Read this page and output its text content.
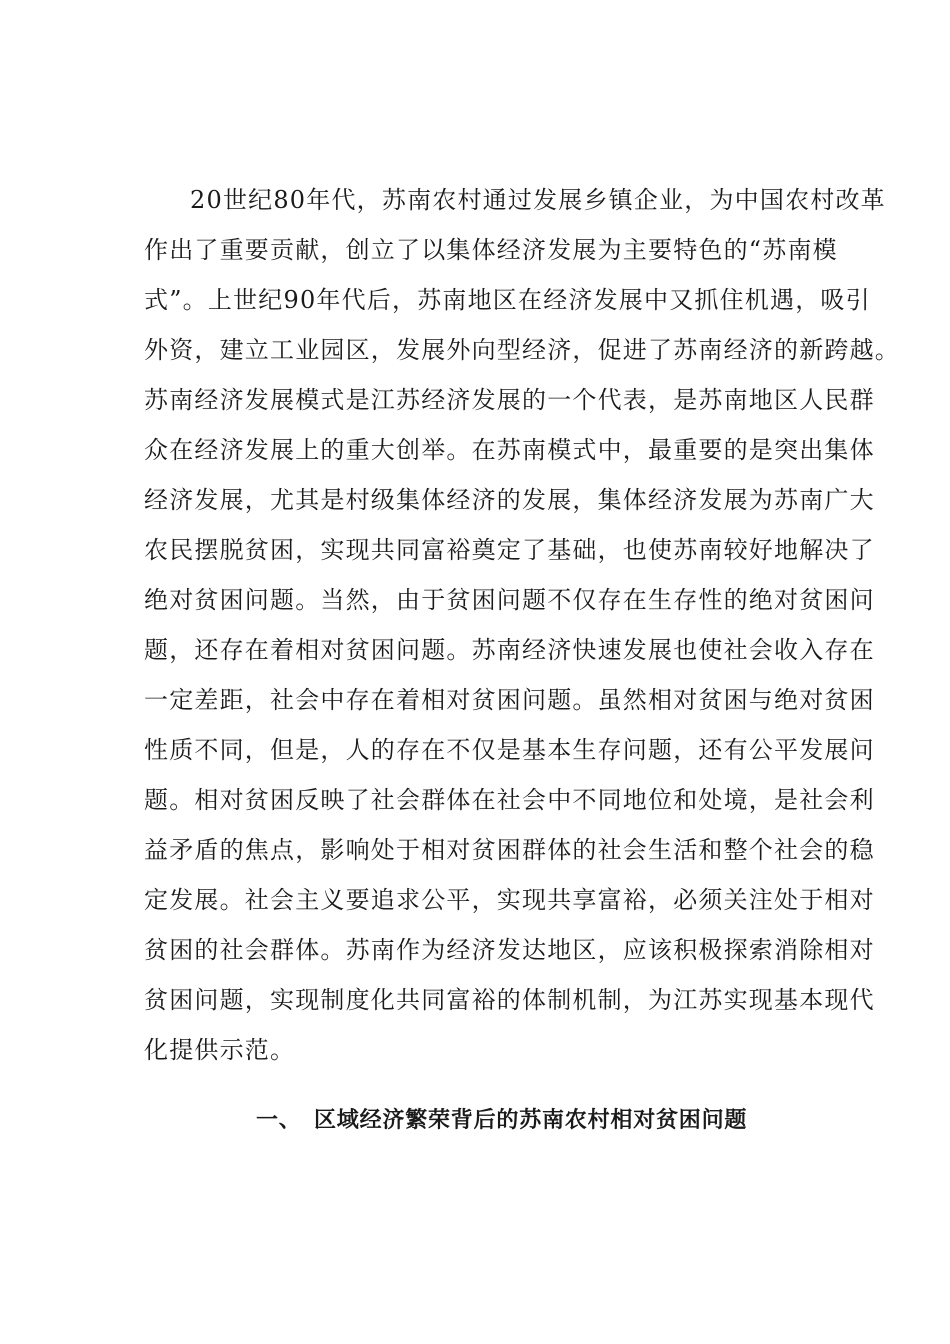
20世纪80年代，苏南农村通过发展乡镇企业，为中国农村改革
作出了重要贡献，创立了以集体经济发展为主要特色的“苏南模
式”。上世纪90年代后，苏南地区在经济发展中又抓住机遇，吸引
外资，建立工业园区，发展外向型经济，促进了苏南经济的新跨越。
苏南经济发展模式是江苏经济发展的一个代表，是苏南地区人民群
众在经济发展上的重大创举。在苏南模式中，最重要的是突出集体
经济发展，尤其是村级集体经济的发展，集体经济发展为苏南广大
农民摆脱贫困，实现共同富裕奠定了基础，也使苏南较好地解决了
绝对贫困问题。当然，由于贫困问题不仅存在生存性的绝对贫困问
题，还存在着相对贫困问题。苏南经济快速发展也使社会收入存在
一定差距，社会中存在着相对贫困问题。虽然相对贫困与绝对贫困
性质不同，但是，人的存在不仅是基本生存问题，还有公平发展问
题。相对贫困反映了社会群体在社会中不同地位和处境，是社会利
益矛盾的焦点，影响处于相对贫困群体的社会生活和整个社会的稳
定发展。社会主义要追求公平，实现共享富裕，必须关注处于相对
贫困的社会群体。苏南作为经济发达地区，应该积极探索消除相对
贫困问题，实现制度化共同富裕的体制机制，为江苏实现基本现代
化提供示范。
一、 区域经济繁荣背后的苏南农村相对贫困问题
